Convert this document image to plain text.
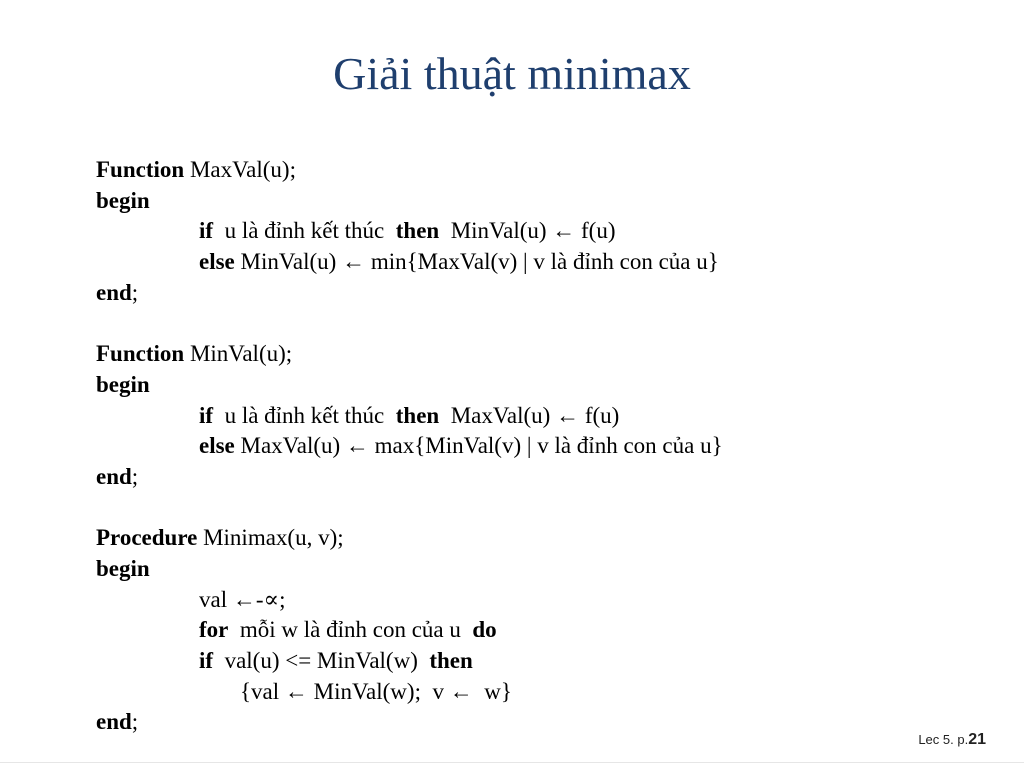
Giải thuật minimax
Function MaxVal(u);
begin
if  u là đỉnh kết thúc  then  MinVal(u) ← f(u)
else MinVal(u) ← min{MaxVal(v) | v là đỉnh con của u}
end;
Function MinVal(u);
begin
if  u là đỉnh kết thúc  then  MaxVal(u) ← f(u)
else MaxVal(u) ← max{MinVal(v) | v là đỉnh con của u}
end;
Procedure Minimax(u, v);
begin
val ←-∝;
for  mỗi w là đỉnh con của u  do
if  val(u) <= MinVal(w)  then
{val ← MinVal(w);  v ←  w}
end;
Lec 5. p.21
